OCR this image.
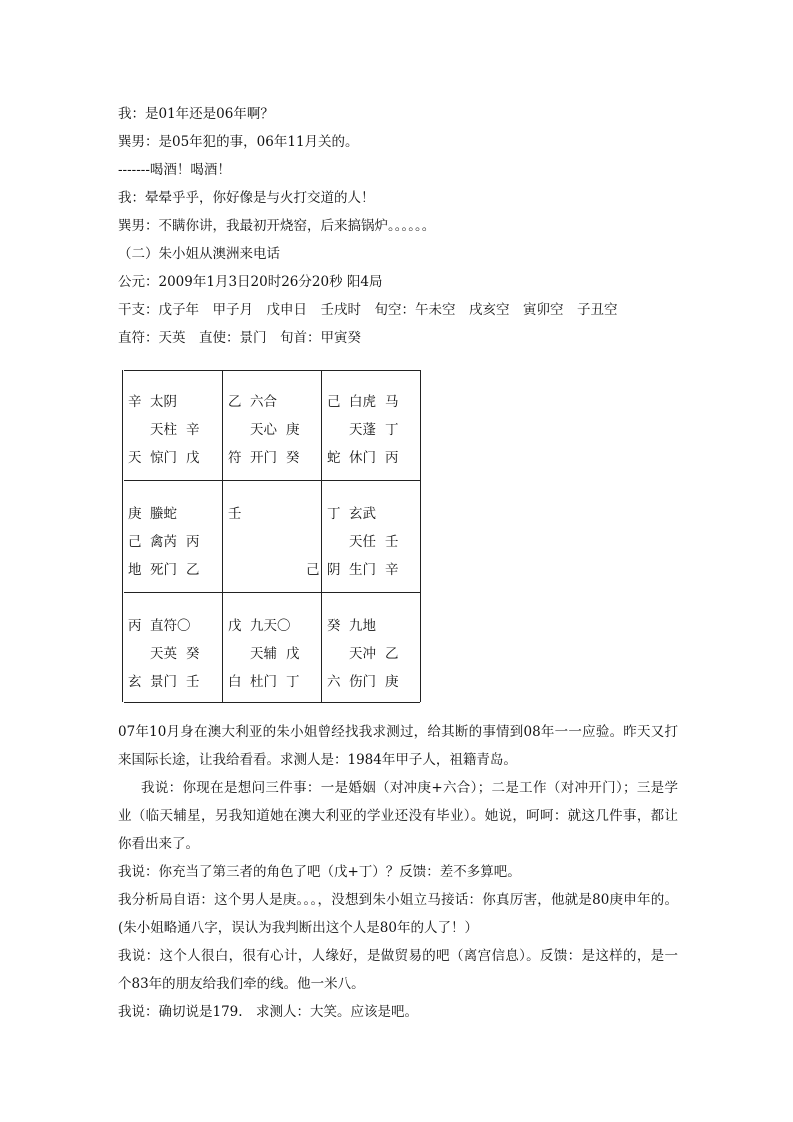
我：是01年还是06年啊？
巽男：是05年犯的事，06年11月关的。
-------喝酒！喝酒！
我：晕晕乎乎，你好像是与火打交道的人！
巽男：不瞒你讲，我最初开烧窑，后来搞锅炉。。。。。。
（二）朱小姐从澳洲来电话
公元：2009年1月3日20时26分20秒 阳4局
干支：戊子年　甲子月　戊申日　壬戌时　旬空：午未空　戌亥空　寅卯空　子丑空
直符：天英　直使：景门　旬首：甲寅癸
辛 太阴
天柱 辛
天 惊门 戊
乙 六合
天心 庚
符 开门 癸
己 白虎 马
天蓬 丁
蛇 休门 丙
庚 螣蛇
己 禽芮 丙
地 死门 乙
壬
己
丁 玄武
天任 壬
阴 生门 辛
丙 直符〇
天英 癸
玄 景门 壬
戊 九天〇
天辅 戊
白 杜门 丁
癸 九地
天冲 乙
六 伤门 庚
07年10月身在澳大利亚的朱小姐曾经找我求测过，给其断的事情到08年一一应验。昨天又打来国际长途，让我给看看。求测人是：1984年甲子人，祖籍青岛。
我说：你现在是想问三件事：一是婚姻（对冲庚+六合）；二是工作（对冲开门）；三是学业（临天辅星，另我知道她在澳大利亚的学业还没有毕业）。她说，呵呵：就这几件事，都让你看出来了。
我说：你充当了第三者的角色了吧（戊+丁）？反馈：差不多算吧。
我分析局自语：这个男人是庚。。。，没想到朱小姐立马接话：你真厉害，他就是80庚申年的。(朱小姐略通八字，误认为我判断出这个人是80年的人了！）
我说：这个人很白，很有心计，人缘好，是做贸易的吧（离宫信息）。反馈：是这样的，是一个83年的朋友给我们牵的线。他一米八。
我说：确切说是179.　求测人：大笑。应该是吧。
